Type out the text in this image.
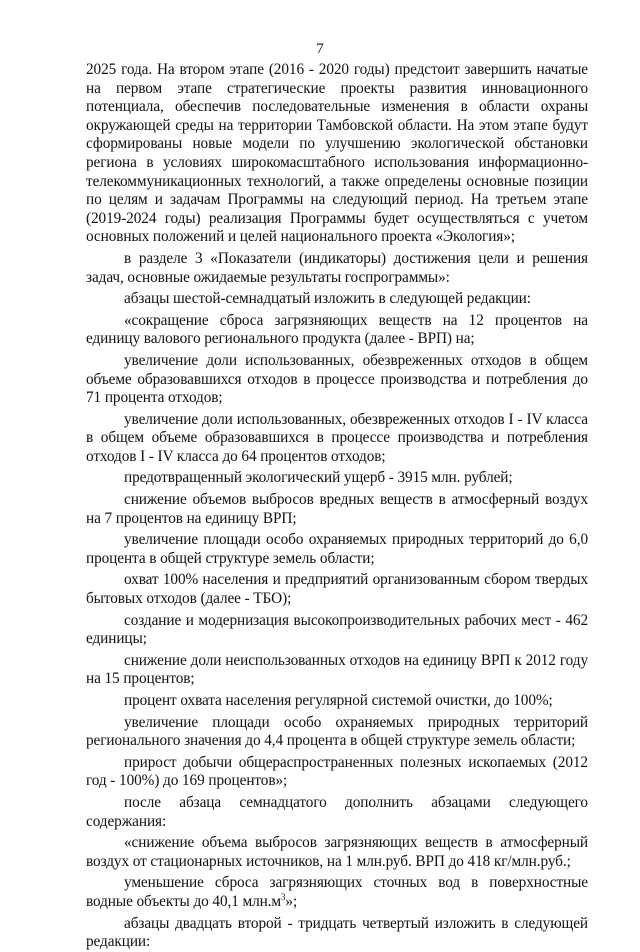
7

2025 года. На втором этапе (2016 - 2020 годы) предстоит завершить начатые на первом этапе стратегические проекты развития инновационного потенциала, обеспечив последовательные изменения в области охраны окружающей среды на территории Тамбовской области. На этом этапе будут сформированы новые модели по улучшению экологической обстановки региона в условиях широкомасштабного использования информационно-телекоммуникационных технологий, а также определены основные позиции по целям и задачам Программы на следующий период. На третьем этапе (2019-2024 годы) реализация Программы будет осуществляться с учетом основных положений и целей национального проекта «Экология»;

в разделе 3 «Показатели (индикаторы) достижения цели и решения задач, основные ожидаемые результаты госпрограммы»:

абзацы шестой-семнадцатый изложить в следующей редакции:

«сокращение сброса загрязняющих веществ на 12 процентов на единицу валового регионального продукта (далее - ВРП) на;

увеличение доли использованных, обезвреженных отходов в общем объеме образовавшихся отходов в процессе производства и потребления до 71 процента отходов;

увеличение доли использованных, обезвреженных отходов I - IV класса в общем объеме образовавшихся в процессе производства и потребления отходов I - IV класса до 64 процентов отходов;

предотвращенный экологический ущерб - 3915 млн. рублей;

снижение объемов выбросов вредных веществ в атмосферный воздух на 7 процентов на единицу ВРП;

увеличение площади особо охраняемых природных территорий до 6,0 процента в общей структуре земель области;

охват 100% населения и предприятий организованным сбором твердых бытовых отходов (далее - ТБО);

создание и модернизация высокопроизводительных рабочих мест - 462 единицы;

снижение доли неиспользованных отходов на единицу ВРП к 2012 году на 15 процентов;

процент охвата населения регулярной системой очистки, до 100%;

увеличение площади особо охраняемых природных территорий регионального значения до 4,4 процента в общей структуре земель области;

прирост добычи общераспространенных полезных ископаемых (2012 год - 100%) до 169 процентов»;

после абзаца семнадцатого дополнить абзацами следующего содержания:

«снижение объема выбросов загрязняющих веществ в атмосферный воздух от стационарных источников, на 1 млн.руб. ВРП до 418 кг/млн.руб.;

уменьшение сброса загрязняющих сточных вод в поверхностные водные объекты до 40,1 $млн.м^3$»;

абзацы двадцать второй - тридцать четвертый изложить в следующей редакции:
